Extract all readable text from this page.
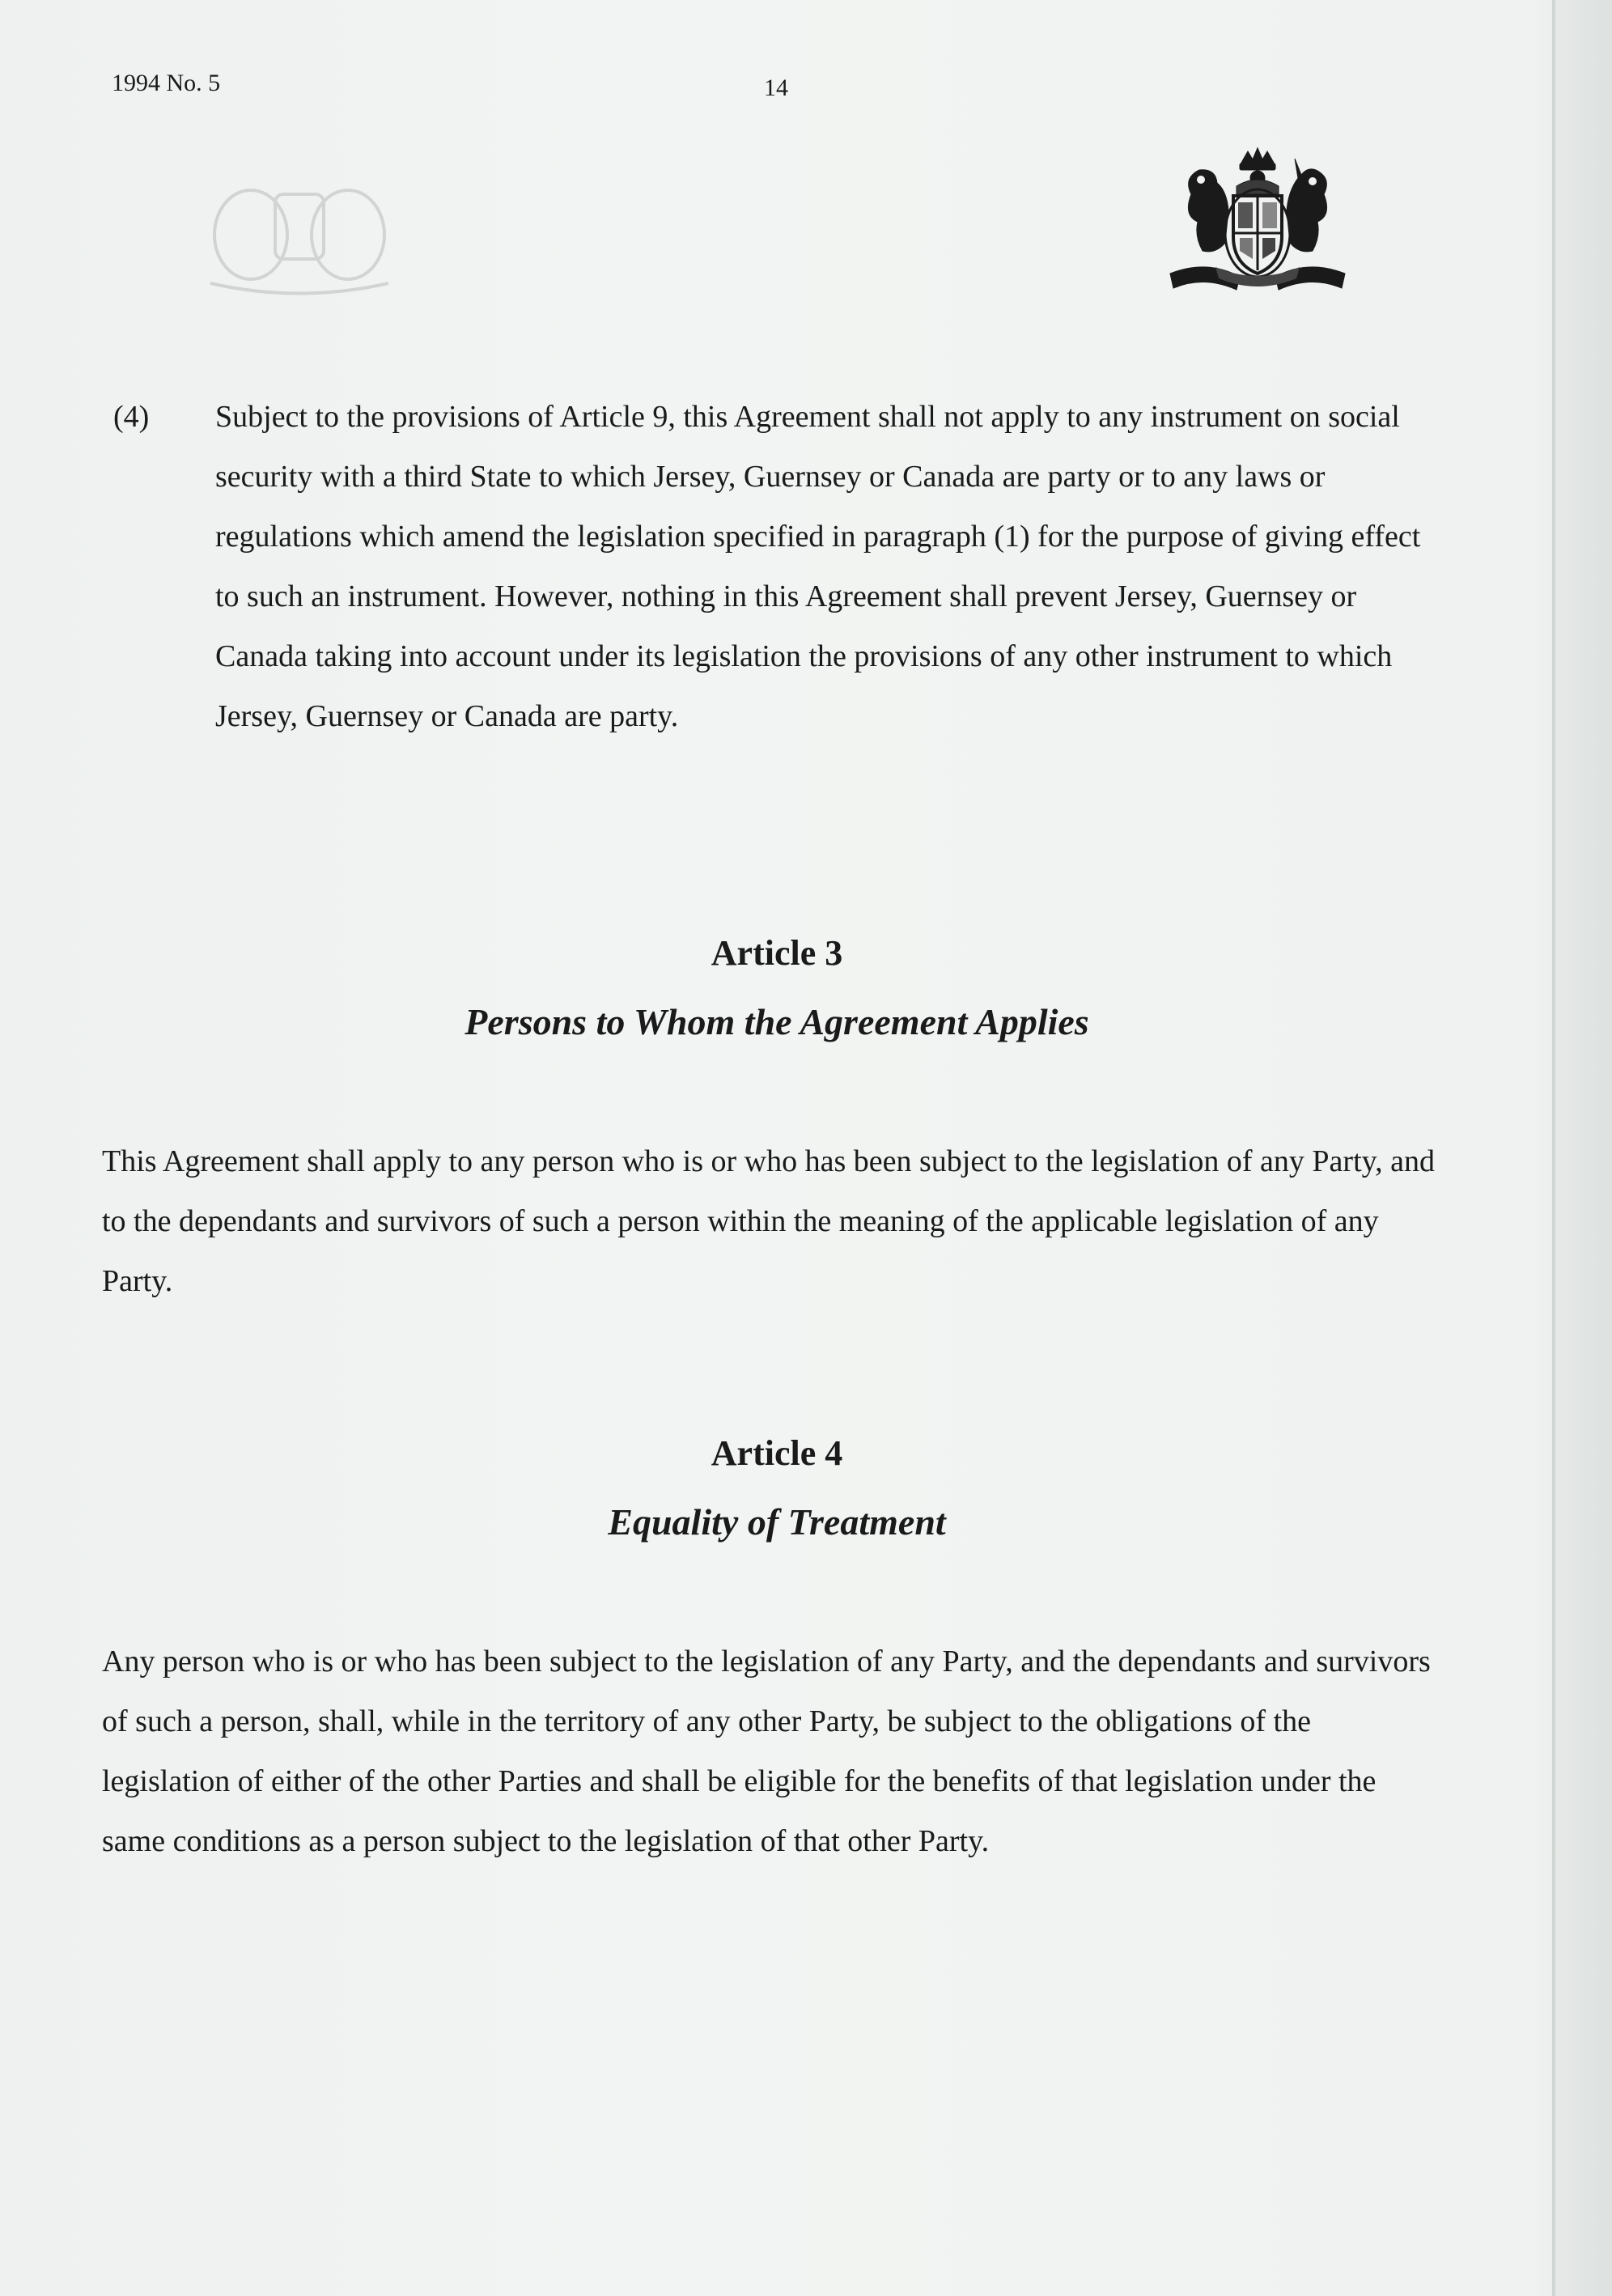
1994 No. 5	14
(4) Subject to the provisions of Article 9, this Agreement shall not apply to any instrument on social security with a third State to which Jersey, Guernsey or Canada are party or to any laws or regulations which amend the legislation specified in paragraph (1) for the purpose of giving effect to such an instrument. However, nothing in this Agreement shall prevent Jersey, Guernsey or Canada taking into account under its legislation the provisions of any other instrument to which Jersey, Guernsey or Canada are party.
Article 3
Persons to Whom the Agreement Applies
This Agreement shall apply to any person who is or who has been subject to the legislation of any Party, and to the dependants and survivors of such a person within the meaning of the applicable legislation of any Party.
Article 4
Equality of Treatment
Any person who is or who has been subject to the legislation of any Party, and the dependants and survivors of such a person, shall, while in the territory of any other Party, be subject to the obligations of the legislation of either of the other Parties and shall be eligible for the benefits of that legislation under the same conditions as a person subject to the legislation of that other Party.
